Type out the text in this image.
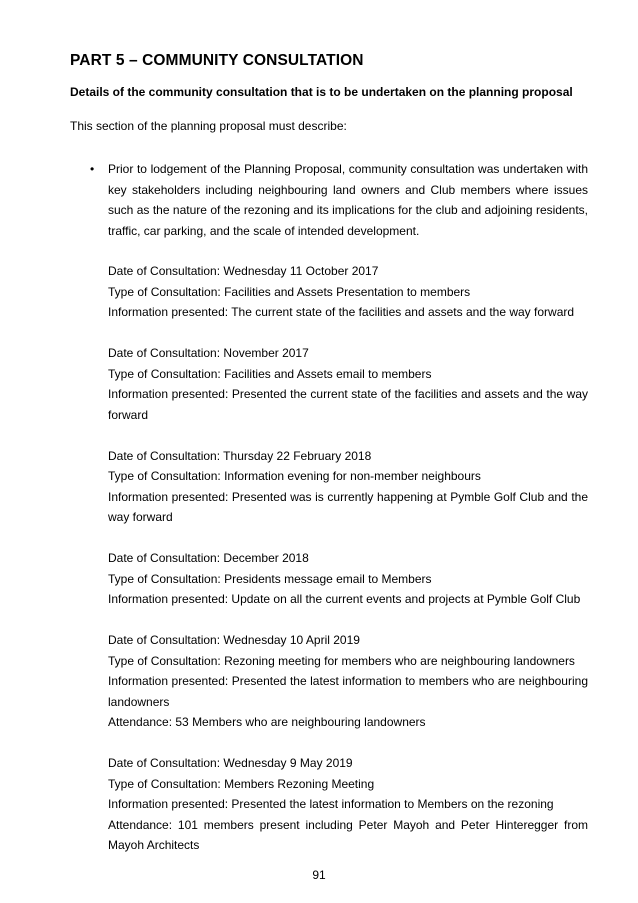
PART 5 – COMMUNITY CONSULTATION
Details of the community consultation that is to be undertaken on the planning proposal
This section of the planning proposal must describe:
• Prior to lodgement of the Planning Proposal, community consultation was undertaken with key stakeholders including neighbouring land owners and Club members where issues such as the nature of the rezoning and its implications for the club and adjoining residents, traffic, car parking, and the scale of intended development.
Date of Consultation: Wednesday 11 October 2017
Type of Consultation: Facilities and Assets Presentation to members
Information presented: The current state of the facilities and assets and the way forward
Date of Consultation: November 2017
Type of Consultation: Facilities and Assets email to members
Information presented: Presented the current state of the facilities and assets and the way forward
Date of Consultation: Thursday 22 February 2018
Type of Consultation: Information evening for non-member neighbours
Information presented: Presented was is currently happening at Pymble Golf Club and the way forward
Date of Consultation: December 2018
Type of Consultation: Presidents message email to Members
Information presented: Update on all the current events and projects at Pymble Golf Club
Date of Consultation: Wednesday 10 April 2019
Type of Consultation: Rezoning meeting for members who are neighbouring landowners
Information presented: Presented the latest information to members who are neighbouring landowners
Attendance: 53 Members who are neighbouring landowners
Date of Consultation: Wednesday 9 May 2019
Type of Consultation: Members Rezoning Meeting
Information presented: Presented the latest information to Members on the rezoning
Attendance: 101 members present including Peter Mayoh and Peter Hinteregger from Mayoh Architects
91
